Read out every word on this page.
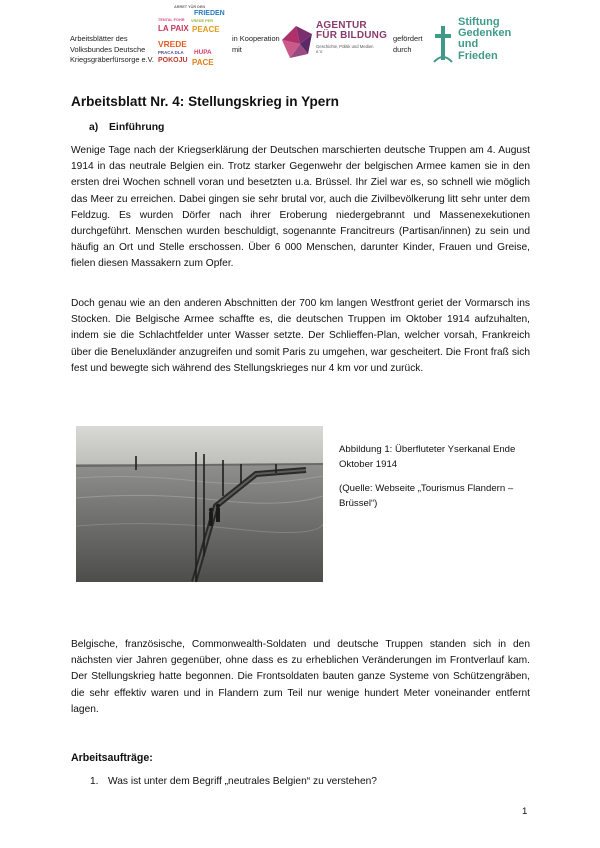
Arbeitsblätter des
Volksbundes Deutsche
Kriegsgräberfürsorge e.V.
ARRET YÜR DEN
FRIEDEN
TENTAL FOHR
LA PAIX
VREDE PER
PEACE
VREDE
PRACA DLA
POKOJU
HUPA
PACE
in Kooperation
mit
AGENTUR
FÜR BILDUNG
Geschichte, Politik und Medien e.V.
gefördert
durch
Stiftung
Gedenken
und
Frieden
Arbeitsblatt Nr. 4: Stellungskrieg in Ypern
a) Einführung

Wenige Tage nach der Kriegserklärung der Deutschen marschierten deutsche Truppen am 4. August 1914 in das neutrale Belgien ein. Trotz starker Gegenwehr der belgischen Armee kamen sie in den ersten drei Wochen schnell voran und besetzten u.a. Brüssel. Ihr Ziel war es, so schnell wie möglich das Meer zu erreichen. Dabei gingen sie sehr brutal vor, auch die Zivilbevölkerung litt sehr unter dem Feldzug. Es wurden Dörfer nach ihrer Eroberung niedergebrannt und Massenexekutionen durchgeführt. Menschen wurden beschuldigt, sogenannte Francitreurs (Partisan/innen) zu sein und häufig an Ort und Stelle erschossen. Über 6 000 Menschen, darunter Kinder, Frauen und Greise, fielen diesen Massakern zum Opfer.

Doch genau wie an den anderen Abschnitten der 700 km langen Westfront geriet der Vormarsch ins Stocken. Die Belgische Armee schaffte es, die deutschen Truppen im Oktober 1914 aufzuhalten, indem sie die Schlachtfelder unter Wasser setzte. Der Schlieffen-Plan, welcher vorsah, Frankreich über die Beneluxländer anzugreifen und somit Paris zu umgehen, war gescheitert. Die Front fraß sich fest und bewegte sich während des Stellungskrieges nur 4 km vor und zurück.

Abbildung 1: Überfluteter Yserkanal Ende Oktober 1914
(Quelle: Webseite „Tourismus Flandern – Brüssel“)

Belgische, französische, Commonwealth-Soldaten und deutsche Truppen standen sich in den nächsten vier Jahren gegenüber, ohne dass es zu erheblichen Veränderungen im Frontverlauf kam. Der Stellungskrieg hatte begonnen. Die Frontsoldaten bauten ganze Systeme von Schützengräben, die sehr effektiv waren und in Flandern zum Teil nur wenige hundert Meter voneinander entfernt lagen.

Arbeitsaufträge:
1. Was ist unter dem Begriff „neutrales Belgien“ zu verstehen?
1
